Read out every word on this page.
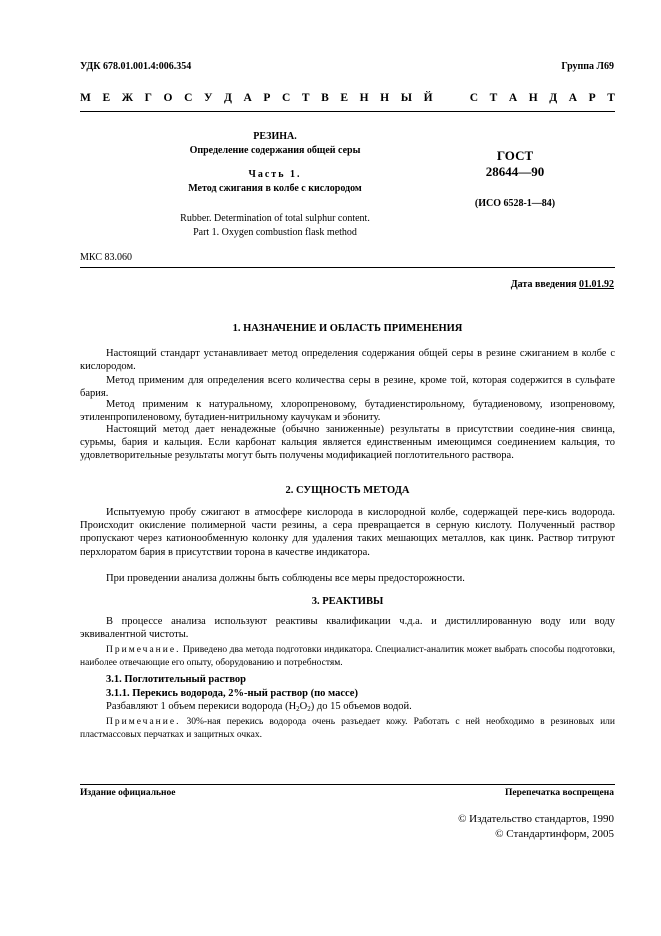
УДК 678.01.001.4:006.354	Группа Л69
М Е Ж Г О С У Д А Р С Т В Е Н Н Ы Й	С Т А Н Д А Р Т
РЕЗИНА.
Определение содержания общей серы
Часть 1.
Метод сжигания в колбе с кислородом
Rubber. Determination of total sulphur content.
Part 1. Oxygen combustion flask method
ГОСТ
28644—90
(ИСО 6528-1—84)
МКС 83.060
Дата введения 01.01.92
1. НАЗНАЧЕНИЕ И ОБЛАСТЬ ПРИМЕНЕНИЯ
Настоящий стандарт устанавливает метод определения содержания общей серы в резине сжиганием в колбе с кислородом.
Метод применим для определения всего количества серы в резине, кроме той, которая содержится в сульфате бария.
Метод применим к натуральному, хлоропреновому, бутадиенстирольному, бутадиеновому, изопреновому, этиленпропиленовому, бутадиен-нитрильному каучукам и эбониту.
Настоящий метод дает ненадежные (обычно заниженные) результаты в присутствии соедине-ния свинца, сурьмы, бария и кальция. Если карбонат кальция является единственным имеющимся соединением кальция, то удовлетворительные результаты могут быть получены модификацией поглотительного раствора.
2. СУЩНОСТЬ МЕТОДА
Испытуемую пробу сжигают в атмосфере кислорода в кислородной колбе, содержащей пере-кись водорода. Происходит окисление полимерной части резины, а сера превращается в серную кислоту. Полученный раствор пропускают через катионообменную колонку для удаления таких мешающих металлов, как цинк. Раствор титруют перхлоратом бария в присутствии торона в качестве индикатора.
При проведении анализа должны быть соблюдены все меры предосторожности.
3. РЕАКТИВЫ
В процессе анализа используют реактивы квалификации ч.д.а. и дистиллированную воду или воду эквивалентной чистоты.
Примечание. Приведено два метода подготовки индикатора. Специалист-аналитик может выбрать способы подготовки, наиболее отвечающие его опыту, оборудованию и потребностям.
3.1. Поглотительный раствор
3.1.1. Перекись водорода, 2%-ный раствор (по массе)
Разбавляют 1 объем перекиси водорода $(H_2O_2)$ до 15 объемов водой.
Примечание. 30%-ная перекись водорода очень разъедает кожу. Работать с ней необходимо в резиновых или пластмассовых перчатках и защитных очках.
Издание официальное	Перепечатка воспрещена
© Издательство стандартов, 1990
© Стандартинформ, 2005
